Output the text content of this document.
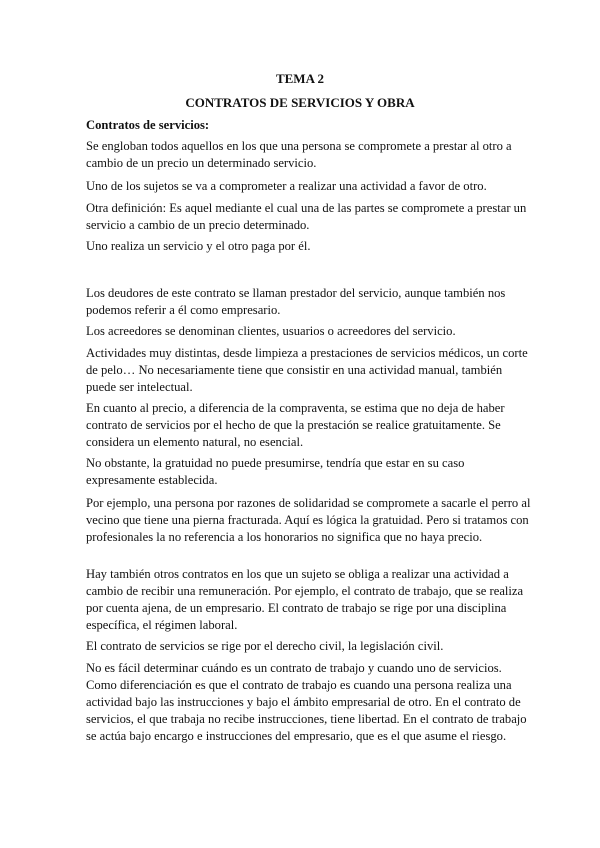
TEMA 2
CONTRATOS DE SERVICIOS Y OBRA
Contratos de servicios:
Se engloban todos aquellos en los que una persona se compromete a prestar al otro a
cambio de un precio un determinado servicio.
Uno de los sujetos se va a comprometer a realizar una actividad a favor de otro.
Otra definición: Es aquel mediante el cual una de las partes se compromete a prestar un
servicio a cambio de un precio determinado.
Uno realiza un servicio y el otro paga por él.
Los deudores de este contrato se llaman prestador del servicio, aunque también nos
podemos referir a él como empresario.
Los acreedores se denominan clientes, usuarios o acreedores del servicio.
Actividades muy distintas, desde limpieza a prestaciones de servicios médicos, un corte
de pelo… No necesariamente tiene que consistir en una actividad manual, también
puede ser intelectual.
En cuanto al precio, a diferencia de la compraventa, se estima que no deja de haber
contrato de servicios por el hecho de que la prestación se realice gratuitamente. Se
considera un elemento natural, no esencial.
No obstante, la gratuidad no puede presumirse, tendría que estar en su caso
expresamente establecida.
Por ejemplo, una persona por razones de solidaridad se compromete a sacarle el perro al
vecino que tiene una pierna fracturada. Aquí es lógica la gratuidad. Pero si tratamos con
profesionales la no referencia a los honorarios no significa que no haya precio.
Hay también otros contratos en los que un sujeto se obliga a realizar una actividad a
cambio de recibir una remuneración. Por ejemplo, el contrato de trabajo, que se realiza
por cuenta ajena, de un empresario. El contrato de trabajo se rige por una disciplina
específica, el régimen laboral.
El contrato de servicios se rige por el derecho civil, la legislación civil.
No es fácil determinar cuándo es un contrato de trabajo y cuando uno de servicios.
Como diferenciación es que el contrato de trabajo es cuando una persona realiza una
actividad bajo las instrucciones y bajo el ámbito empresarial de otro. En el contrato de
servicios, el que trabaja no recibe instrucciones, tiene libertad. En el contrato de trabajo
se actúa bajo encargo e instrucciones del empresario, que es el que asume el riesgo.
